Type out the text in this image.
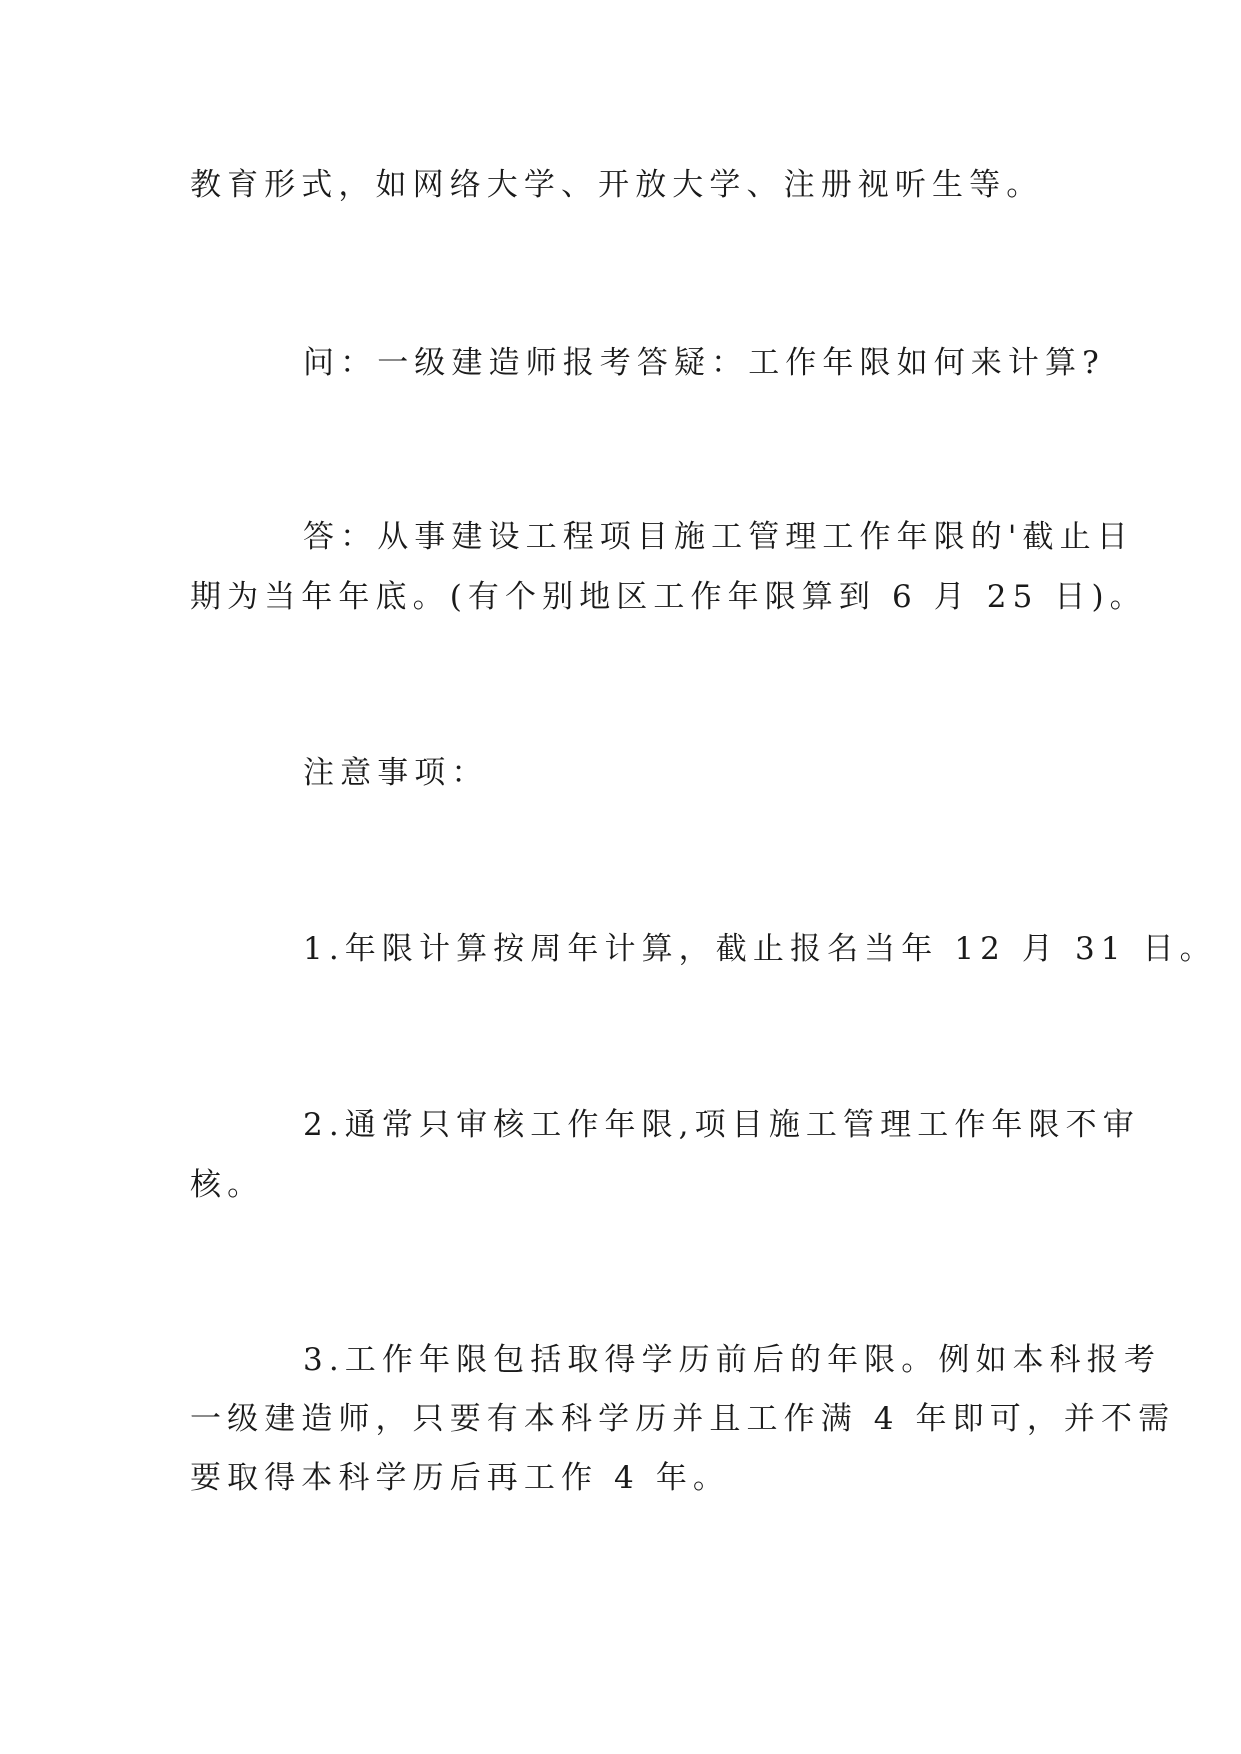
教育形式，如网络大学、开放大学、注册视听生等。

问：一级建造师报考答疑：工作年限如何来计算?

答：从事建设工程项目施工管理工作年限的'截止日

期为当年年底。(有个别地区工作年限算到 6 月 25 日)。

注意事项：

1.年限计算按周年计算，截止报名当年 12 月 31 日。

2.通常只审核工作年限,项目施工管理工作年限不审

核。

3.工作年限包括取得学历前后的年限。例如本科报考

一级建造师，只要有本科学历并且工作满 4 年即可，并不需

要取得本科学历后再工作 4 年。
